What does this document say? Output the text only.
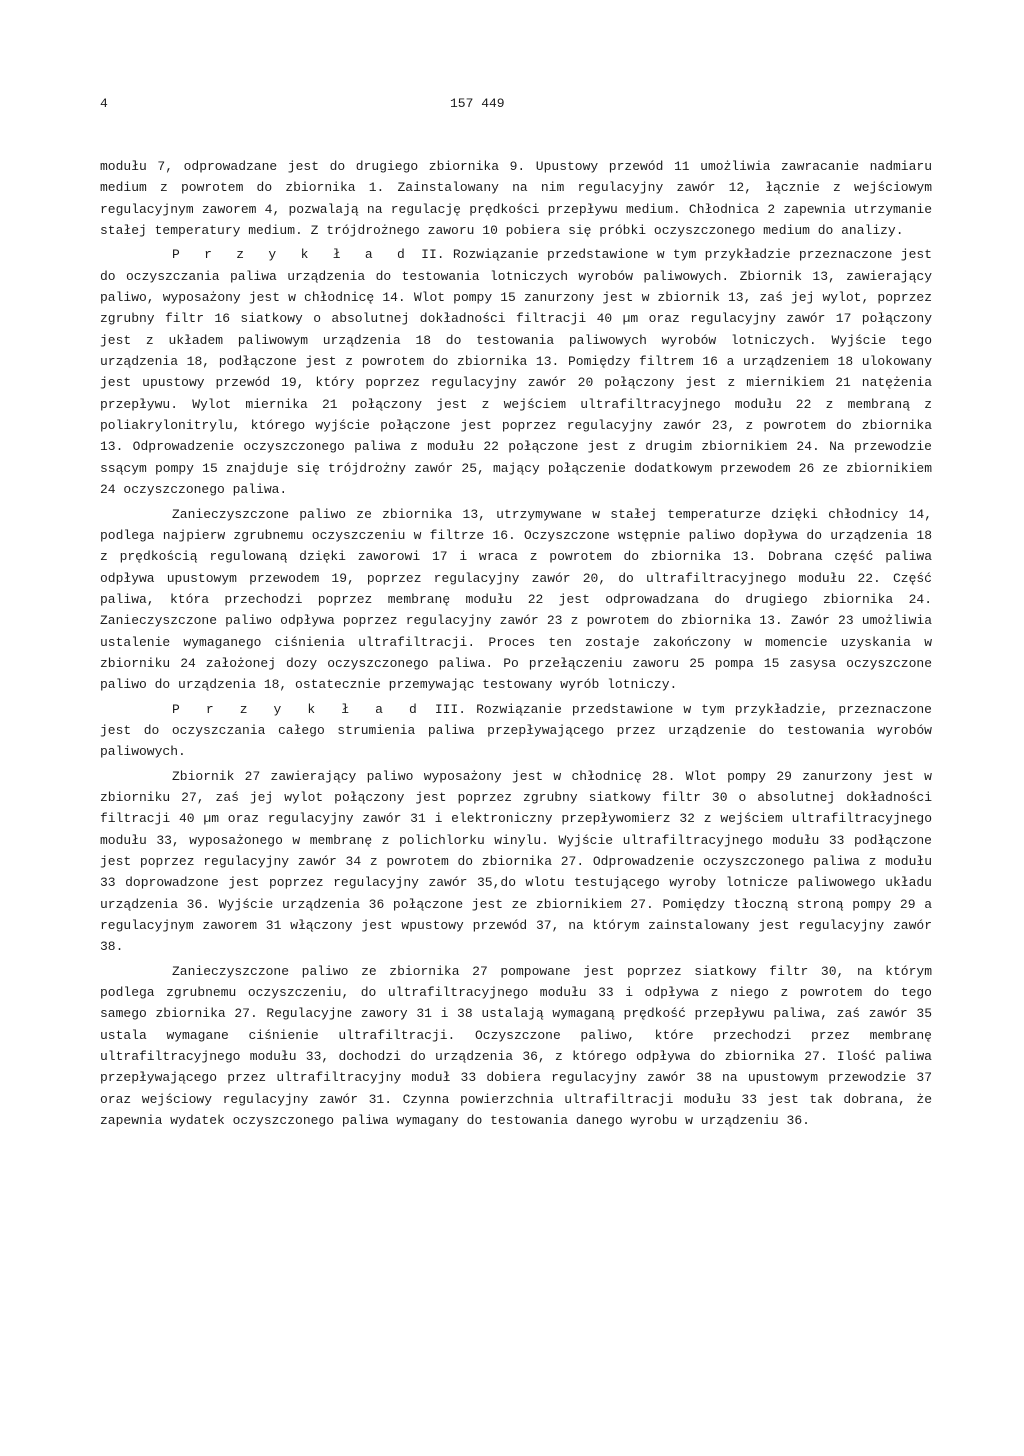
4	157 449

modułu 7, odprowadzane jest do drugiego zbiornika 9. Upustowy przewód 11 umożliwia zawracanie nadmiaru medium z powrotem do zbiornika 1. Zainstalowany na nim regulacyjny zawór 12, łącznie z wejściowym regulacyjnym zaworem 4, pozwalają na regulację prędkości przepływu medium. Chłodnica 2 zapewnia utrzymanie stałej temperatury medium. Z trójdrożnego zaworu 10 pobiera się próbki oczyszczonego medium do analizy.

P r z y k ł a d II. Rozwiązanie przedstawione w tym przykładzie przeznaczone jest do oczyszczania paliwa urządzenia do testowania lotniczych wyrobów paliwowych. Zbiornik 13, zawierający paliwo, wyposażony jest w chłodnicę 14. Wlot pompy 15 zanurzony jest w zbiornik 13, zaś jej wylot, poprzez zgrubny filtr 16 siatkowy o absolutnej dokładności filtracji 40 µm oraz regulacyjny zawór 17 połączony jest z układem paliwowym urządzenia 18 do testowania paliwowych wyrobów lotniczych. Wyjście tego urządzenia 18, podłączone jest z powrotem do zbiornika 13. Pomiędzy filtrem 16 a urządzeniem 18 ulokowany jest upustowy przewód 19, który poprzez regulacyjny zawór 20 połączony jest z miernikiem 21 natężenia przepływu. Wylot miernika 21 połączony jest z wejściem ultrafiltracyjnego modułu 22 z membraną z poliakrylonitrylu, którego wyjście połączone jest poprzez regulacyjny zawór 23, z powrotem do zbiornika 13. Odprowadzenie oczyszczonego paliwa z modułu 22 połączone jest z drugim zbiornikiem 24. Na przewodzie ssącym pompy 15 znajduje się trójdrożny zawór 25, mający połączenie dodatkowym przewodem 26 ze zbiornikiem 24 oczyszczonego paliwa.

Zanieczyszczone paliwo ze zbiornika 13, utrzymywane w stałej temperaturze dzięki chłodnicy 14, podlega najpierw zgrubnemu oczyszczeniu w filtrze 16. Oczyszczone wstępnie paliwo dopływa do urządzenia 18 z prędkością regulowaną dzięki zaworowi 17 i wraca z powrotem do zbiornika 13. Dobrana część paliwa odpływa upustowym przewodem 19, poprzez regulacyjny zawór 20, do ultrafiltracyjnego modułu 22. Część paliwa, która przechodzi poprzez membranę modułu 22 jest odprowadzana do drugiego zbiornika 24. Zanieczyszczone paliwo odpływa poprzez regulacyjny zawór 23 z powrotem do zbiornika 13. Zawór 23 umożliwia ustalenie wymaganego ciśnienia ultrafiltracji. Proces ten zostaje zakończony w momencie uzyskania w zbiorniku 24 założonej dozy oczyszczonego paliwa. Po przełączeniu zaworu 25 pompa 15 zasysa oczyszczone paliwo do urządzenia 18, ostatecznie przemywając testowany wyrób lotniczy.

P r z y k ł a d III. Rozwiązanie przedstawione w tym przykładzie, przeznaczone jest do oczyszczania całego strumienia paliwa przepływającego przez urządzenie do testowania wyrobów paliwowych.

Zbiornik 27 zawierający paliwo wyposażony jest w chłodnicę 28. Wlot pompy 29 zanurzony jest w zbiorniku 27, zaś jej wylot połączony jest poprzez zgrubny siatkowy filtr 30 o absolutnej dokładności filtracji 40 µm oraz regulacyjny zawór 31 i elektroniczny przepływomierz 32 z wejściem ultrafiltracyjnego modułu 33, wyposażonego w membranę z polichlorku winylu. Wyjście ultrafiltracyjnego modułu 33 podłączone jest poprzez regulacyjny zawór 34 z powrotem do zbiornika 27. Odprowadzenie oczyszczonego paliwa z modułu 33 doprowadzone jest poprzez regulacyjny zawór 35,do wlotu testującego wyroby lotnicze paliwowego układu urządzenia 36. Wyjście urządzenia 36 połączone jest ze zbiornikiem 27. Pomiędzy tłoczną stroną pompy 29 a regulacyjnym zaworem 31 włączony jest wpustowy przewód 37, na którym zainstalowany jest regulacyjny zawór 38.

Zanieczyszczone paliwo ze zbiornika 27 pompowane jest poprzez siatkowy filtr 30, na którym podlega zgrubnemu oczyszczeniu, do ultrafiltracyjnego modułu 33 i odpływa z niego z powrotem do tego samego zbiornika 27. Regulacyjne zawory 31 i 38 ustalają wymaganą prędkość przepływu paliwa, zaś zawór 35 ustala wymagane ciśnienie ultrafiltracji. Oczyszczone paliwo, które przechodzi przez membranę ultrafiltracyjnego modułu 33, dochodzi do urządzenia 36, z którego odpływa do zbiornika 27. Ilość paliwa przepływającego przez ultrafiltracyjny moduł 33 dobiera regulacyjny zawór 38 na upustowym przewodzie 37 oraz wejściowy regulacyjny zawór 31. Czynna powierzchnia ultrafiltracji modułu 33 jest tak dobrana, że zapewnia wydatek oczyszczonego paliwa wymagany do testowania danego wyrobu w urządzeniu 36.
